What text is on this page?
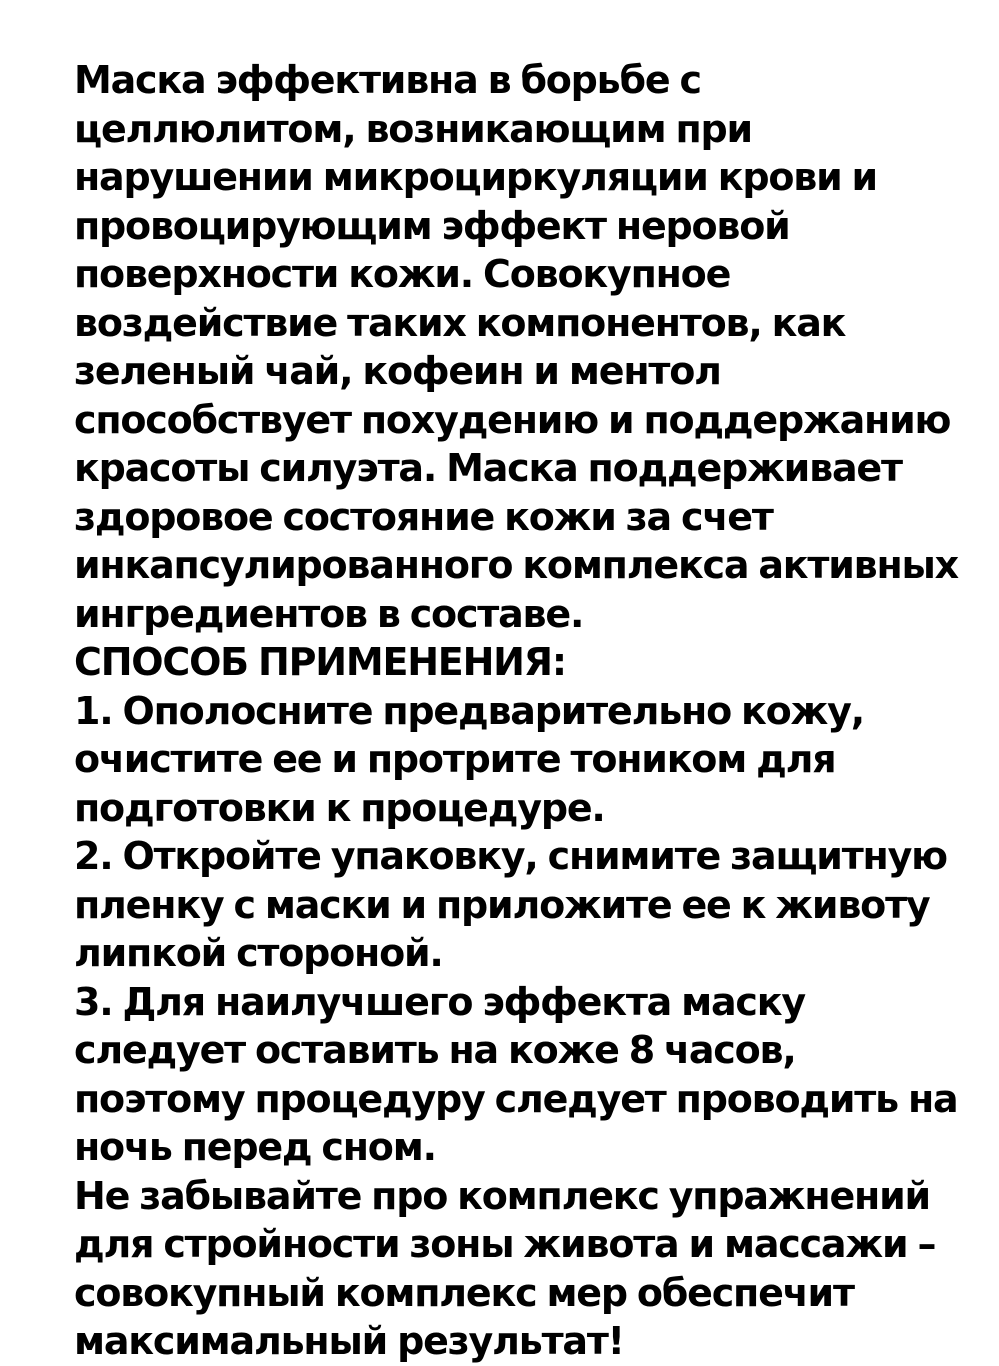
Маска эффективна в борьбе с
целлюлитом, возникающим при
нарушении микроциркуляции крови и
провоцирующим эффект неровой
поверхности кожи. Совокупное
воздействие таких компонентов, как
зеленый чай, кофеин и ментол
способствует похудению и поддержанию
красоты силуэта. Маска поддерживает
здоровое состояние кожи за счет
инкапсулированного комплекса активных
ингредиентов в составе.
СПОСОБ ПРИМЕНЕНИЯ:
1. Ополосните предварительно кожу,
очистите ее и протрите тоником для
подготовки к процедуре.
2. Откройте упаковку, снимите защитную
пленку с маски и приложите ее к животу
липкой стороной.
3. Для наилучшего эффекта маску
следует оставить на коже 8 часов,
поэтому процедуру следует проводить на
ночь перед сном.
Не забывайте про комплекс упражнений
для стройности зоны живота и массажи –
совокупный комплекс мер обеспечит
максимальный результат!
